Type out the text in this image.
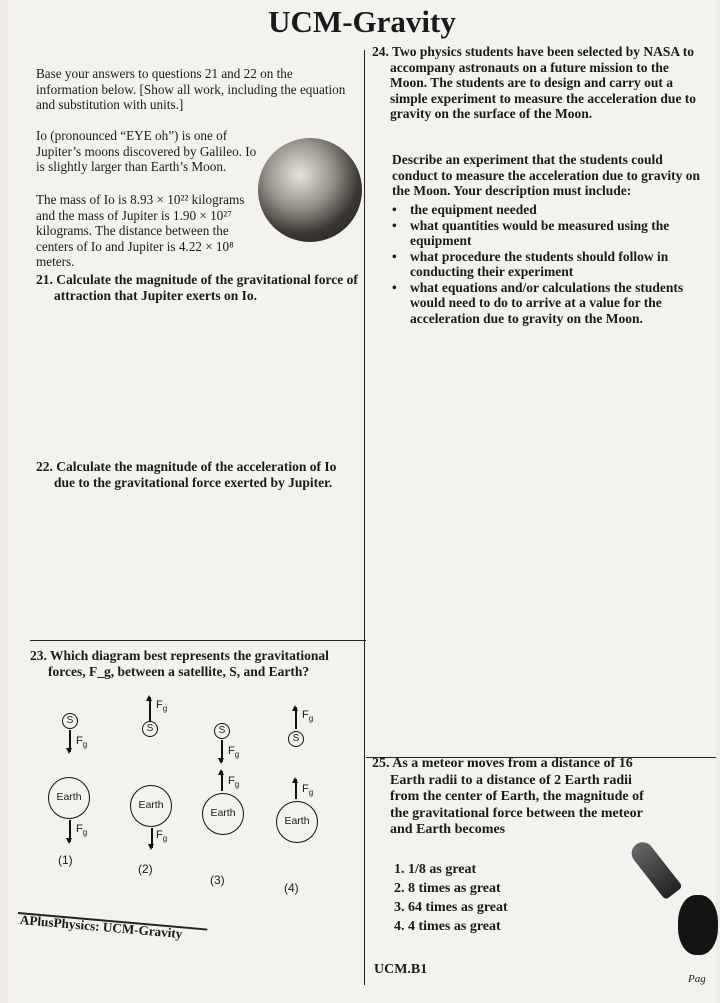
UCM-Gravity
Base your answers to questions 21 and 22 on the information below. [Show all work, including the equation and substitution with units.]
Io (pronounced “EYE oh”) is one of Jupiter’s moons discovered by Galileo. Io is slightly larger than Earth’s Moon.
The mass of Io is 8.93 × 10²² kilograms and the mass of Jupiter is 1.90 × 10²⁷ kilograms. The distance between the centers of Io and Jupiter is 4.22 × 10⁸ meters.
21. Calculate the magnitude of the gravitational force of attraction that Jupiter exerts on Io.
22. Calculate the magnitude of the acceleration of Io due to the gravitational force exerted by Jupiter.
23. Which diagram best represents the gravitational forces, F_g, between a satellite, S, and Earth?
S
$F_g$
Earth
$F_g$
(1)
$F_g$
S
Earth
$F_g$
(2)
S
$F_g$
$F_g$
Earth
(3)
$F_g$
S
$F_g$
Earth
(4)
APlusPhysics: UCM-Gravity
24. Two physics students have been selected by NASA to accompany astronauts on a future mission to the Moon. The students are to design and carry out a simple experiment to measure the acceleration due to gravity on the surface of the Moon.
Describe an experiment that the students could conduct to measure the acceleration due to gravity on the Moon. Your description must include:
• the equipment needed
• what quantities would be measured using the equipment
• what procedure the students should follow in conducting their experiment
• what equations and/or calculations the students would need to do to arrive at a value for the acceleration due to gravity on the Moon.
25. As a meteor moves from a distance of 16 Earth radii to a distance of 2 Earth radii from the center of Earth, the magnitude of the gravitational force between the meteor and Earth becomes
1. 1/8 as great
2. 8 times as great
3. 64 times as great
4. 4 times as great
UCM.B1
Pag
